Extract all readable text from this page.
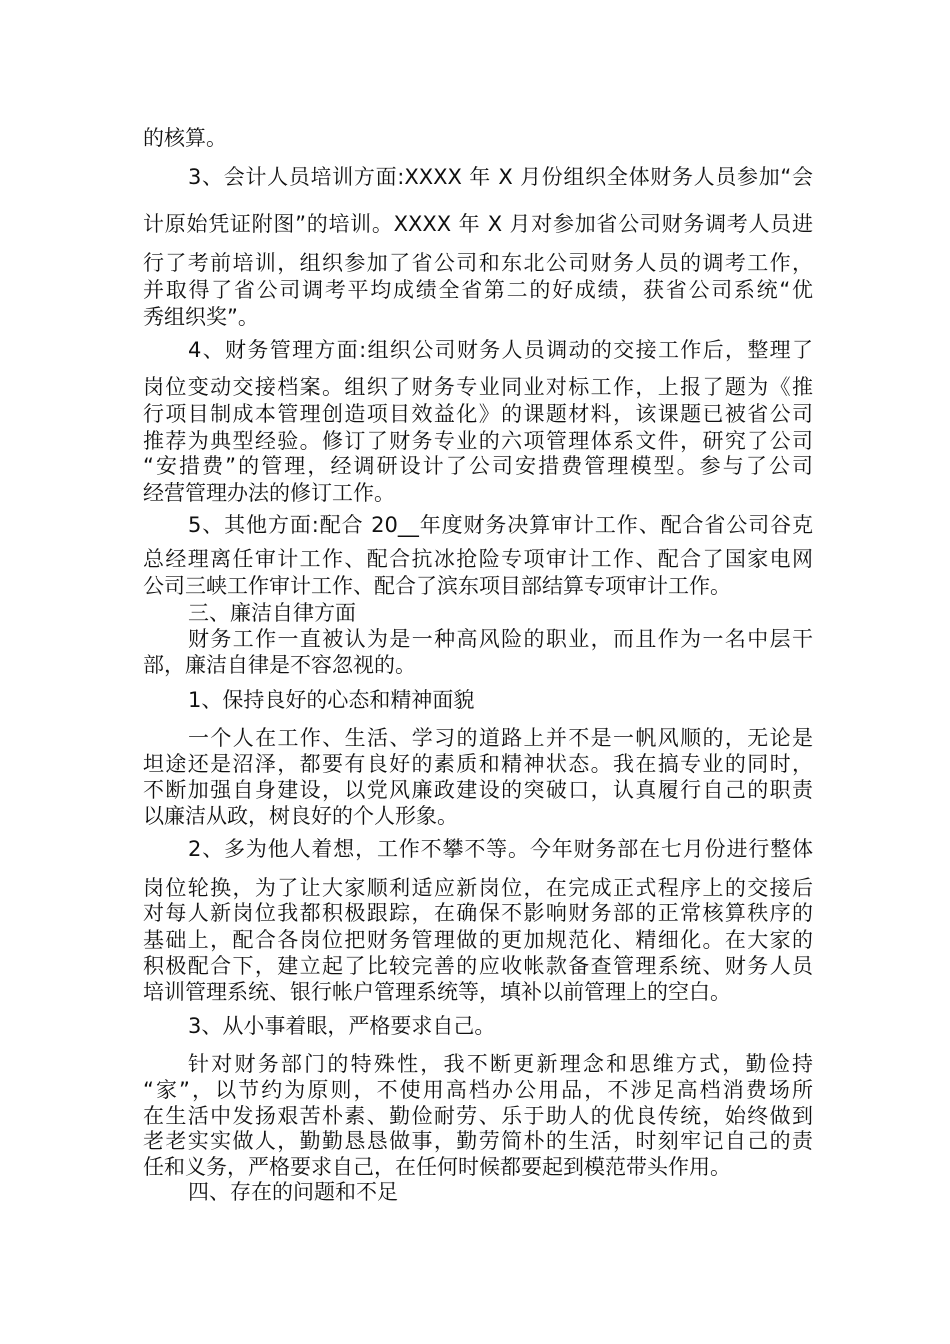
的核算。
3、会计人员培训方面:XXXX 年 X 月份组织全体财务人员参加“会
计原始凭证附图”的培训。XXXX 年 X 月对参加省公司财务调考人员进
行了考前培训，组织参加了省公司和东北公司财务人员的调考工作，
并取得了省公司调考平均成绩全省第二的好成绩，获省公司系统“优
秀组织奖”。
4、财务管理方面:组织公司财务人员调动的交接工作后，整理了
岗位变动交接档案。组织了财务专业同业对标工作，上报了题为《推
行项目制成本管理创造项目效益化》的课题材料，该课题已被省公司
推荐为典型经验。修订了财务专业的六项管理体系文件，研究了公司
“安措费”的管理，经调研设计了公司安措费管理模型。参与了公司
经营管理办法的修订工作。
5、其他方面:配合 20__年度财务决算审计工作、配合省公司谷克
总经理离任审计工作、配合抗冰抢险专项审计工作、配合了国家电网
公司三峡工作审计工作、配合了滨东项目部结算专项审计工作。
三、廉洁自律方面
财务工作一直被认为是一种高风险的职业，而且作为一名中层干
部，廉洁自律是不容忽视的。
1、保持良好的心态和精神面貌
一个人在工作、生活、学习的道路上并不是一帆风顺的，无论是
坦途还是沼泽，都要有良好的素质和精神状态。我在搞专业的同时，
不断加强自身建设，以党风廉政建设的突破口，认真履行自己的职责
以廉洁从政，树良好的个人形象。
2、多为他人着想，工作不攀不等。今年财务部在七月份进行整体
岗位轮换，为了让大家顺利适应新岗位，在完成正式程序上的交接后
对每人新岗位我都积极跟踪，在确保不影响财务部的正常核算秩序的
基础上，配合各岗位把财务管理做的更加规范化、精细化。在大家的
积极配合下，建立起了比较完善的应收帐款备查管理系统、财务人员
培训管理系统、银行帐户管理系统等，填补以前管理上的空白。
3、从小事着眼，严格要求自己。
针对财务部门的特殊性，我不断更新理念和思维方式，勤俭持
“家”，以节约为原则，不使用高档办公用品，不涉足高档消费场所
在生活中发扬艰苦朴素、勤俭耐劳、乐于助人的优良传统，始终做到
老老实实做人，勤勤恳恳做事，勤劳简朴的生活，时刻牢记自己的责
任和义务，严格要求自己，在任何时候都要起到模范带头作用。
四、存在的问题和不足
